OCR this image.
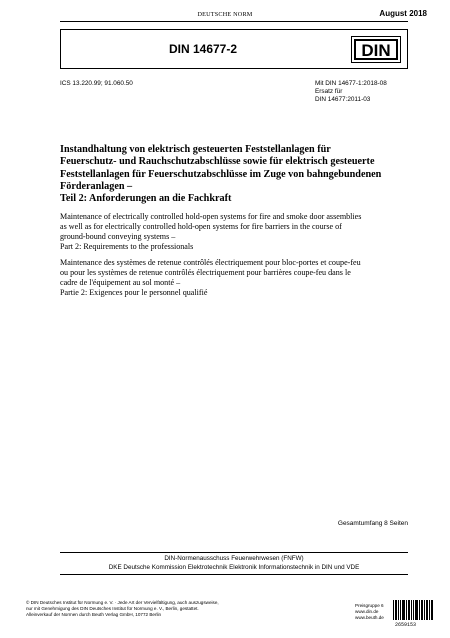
DEUTSCHE NORM	August 2018
DIN 14677-2	DIN
ICS 13.220.99; 91.060.50	Mit DIN 14677-1:2018-08
Ersatz für
DIN 14677:2011-03
Instandhaltung von elektrisch gesteuerten Feststellanlagen für
Feuerschutz- und Rauchschutzabschlüsse sowie für elektrisch gesteuerte
Feststellanlagen für Feuerschutzabschlüsse im Zuge von bahngebundenen
Förderanlagen –
Teil 2: Anforderungen an die Fachkraft
Maintenance of electrically controlled hold-open systems for fire and smoke door assemblies
as well as for electrically controlled hold-open systems for fire barriers in the course of
ground-bound conveying systems –
Part 2: Requirements to the professionals
Maintenance des systèmes de retenue contrôlés électriquement pour bloc-portes et coupe-feu
ou pour les systèmes de retenue contrôlés électriquement pour barrières coupe-feu dans le
cadre de l'équipement au sol monté –
Partie 2: Exigences pour le personnel qualifié
Gesamtumfang 8 Seiten
DIN-Normenausschuss Feuerwehrwesen (FNFW)
DKE Deutsche Kommission Elektrotechnik Elektronik Informationstechnik in DIN und VDE
© DIN Deutsches Institut für Normung e. V. · Jede Art der Vervielfältigung, auch auszugsweise,
nur mit Genehmigung des DIN Deutsches Institut für Normung e. V., Berlin, gestattet.
Alleinverkauf der Normen durch Beuth Verlag GmbH, 10772 Berlin
Preisgruppe 6
www.din.de
www.beuth.de
2659153
